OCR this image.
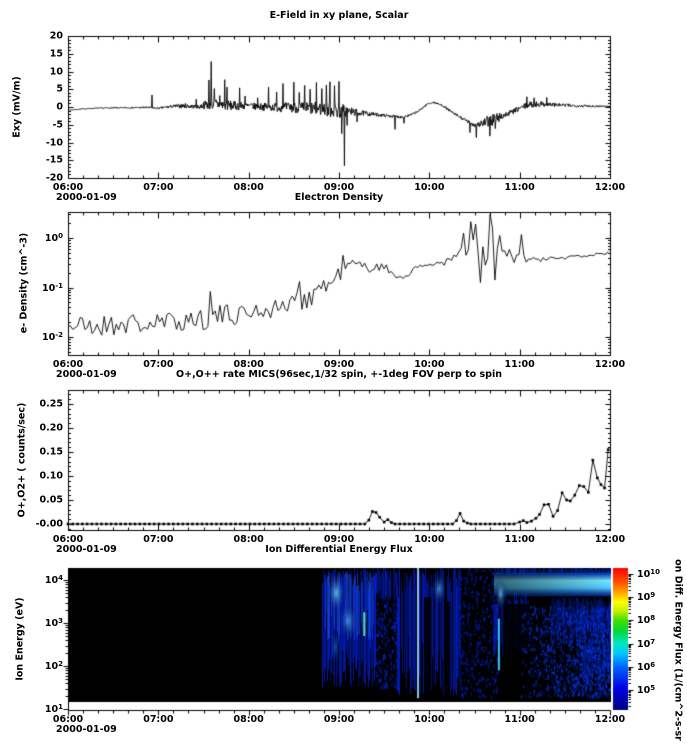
E-Field in xy plane, Scalar
Electron Density
O+,O++ rate MICS(96sec,1/32 spin, +-1deg FOV perp to spin
Ion Differential Energy Flux
Exy (mV/m)
e- Density (cm^-3)
O+,O2+ ( counts/sec)
Ion Energy (eV)
2000-01-09
2000-01-09
2000-01-09
2000-01-09	on Diff. Energy Flux (1/(cm^2-s-sr
06:00	07:00	08:00	09:00	10:00	11:00	12:00
06:00	07:00	08:00	09:00	10:00	11:00	12:00
06:00	07:00	08:00	09:00	10:00	11:00	12:00
06:00	07:00	08:00	09:00	10:00	11:00	12:00
20
15
10
5
0
-5
-10
-15
-20
$10^0$
$10^{-1}$
$10^{-2}$
0.25
0.20
0.15
0.10
0.05
-0.00
$10^4$
$10^3$
$10^2$
$10^1$
$10^{10}$
$10^9$
$10^8$
$10^7$
$10^6$
$10^5$
